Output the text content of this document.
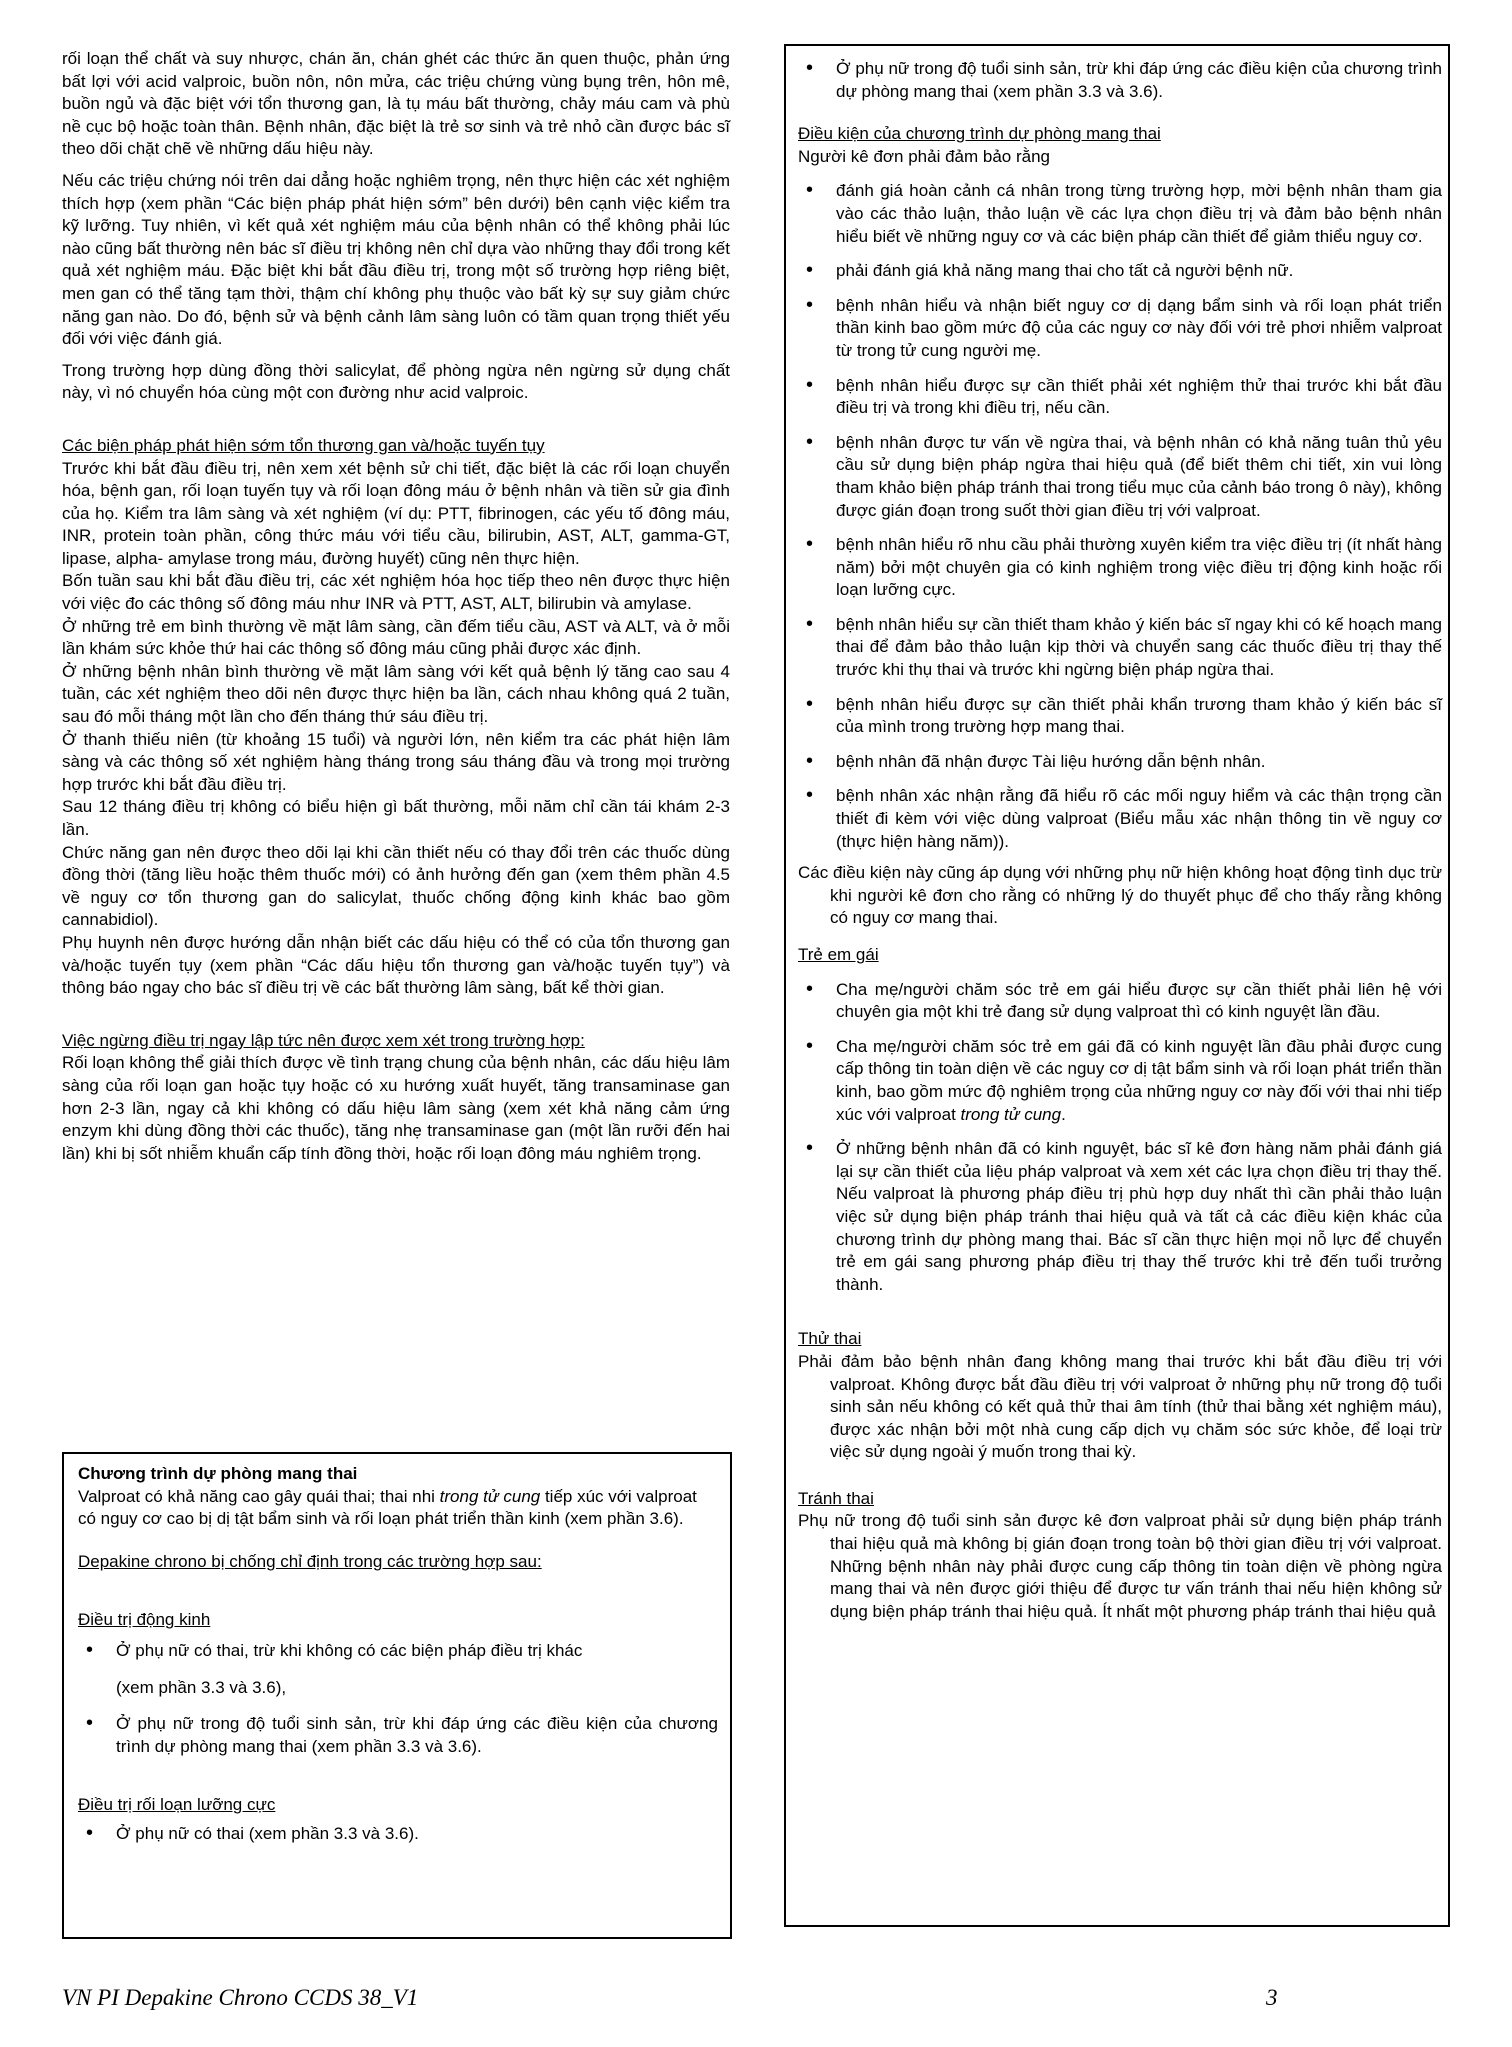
rối loạn thể chất và suy nhược, chán ăn, chán ghét các thức ăn quen thuộc, phản ứng bất lợi với acid valproic, buồn nôn, nôn mửa, các triệu chứng vùng bụng trên, hôn mê, buồn ngủ và đặc biệt với tổn thương gan, là tụ máu bất thường, chảy máu cam và phù nề cục bộ hoặc toàn thân. Bệnh nhân, đặc biệt là trẻ sơ sinh và trẻ nhỏ cần được bác sĩ theo dõi chặt chẽ về những dấu hiệu này.

Nếu các triệu chứng nói trên dai dẳng hoặc nghiêm trọng, nên thực hiện các xét nghiệm thích hợp (xem phần “Các biện pháp phát hiện sớm” bên dưới) bên cạnh việc kiểm tra kỹ lưỡng. Tuy nhiên, vì kết quả xét nghiệm máu của bệnh nhân có thể không phải lúc nào cũng bất thường nên bác sĩ điều trị không nên chỉ dựa vào những thay đổi trong kết quả xét nghiệm máu. Đặc biệt khi bắt đầu điều trị, trong một số trường hợp riêng biệt, men gan có thể tăng tạm thời, thậm chí không phụ thuộc vào bất kỳ sự suy giảm chức năng gan nào. Do đó, bệnh sử và bệnh cảnh lâm sàng luôn có tầm quan trọng thiết yếu đối với việc đánh giá.

Trong trường hợp dùng đồng thời salicylat, để phòng ngừa nên ngừng sử dụng chất này, vì nó chuyển hóa cùng một con đường như acid valproic.

Các biện pháp phát hiện sớm tổn thương gan và/hoặc tuyến tụy

Trước khi bắt đầu điều trị, nên xem xét bệnh sử chi tiết, đặc biệt là các rối loạn chuyển hóa, bệnh gan, rối loạn tuyến tụy và rối loạn đông máu ở bệnh nhân và tiền sử gia đình của họ. Kiểm tra lâm sàng và xét nghiệm (ví dụ: PTT, fibrinogen, các yếu tố đông máu, INR, protein toàn phần, công thức máu với tiểu cầu, bilirubin, AST, ALT, gamma-GT, lipase, alpha- amylase trong máu, đường huyết) cũng nên thực hiện.

Bốn tuần sau khi bắt đầu điều trị, các xét nghiệm hóa học tiếp theo nên được thực hiện với việc đo các thông số đông máu như INR và PTT, AST, ALT, bilirubin và amylase.

Ở những trẻ em bình thường về mặt lâm sàng, cần đếm tiểu cầu, AST và ALT, và ở mỗi lần khám sức khỏe thứ hai các thông số đông máu cũng phải được xác định.

Ở những bệnh nhân bình thường về mặt lâm sàng với kết quả bệnh lý tăng cao sau 4 tuần, các xét nghiệm theo dõi nên được thực hiện ba lần, cách nhau không quá 2 tuần, sau đó mỗi tháng một lần cho đến tháng thứ sáu điều trị.

Ở thanh thiếu niên (từ khoảng 15 tuổi) và người lớn, nên kiểm tra các phát hiện lâm sàng và các thông số xét nghiệm hàng tháng trong sáu tháng đầu và trong mọi trường hợp trước khi bắt đầu điều trị.

Sau 12 tháng điều trị không có biểu hiện gì bất thường, mỗi năm chỉ cần tái khám 2-3 lần.

Chức năng gan nên được theo dõi lại khi cần thiết nếu có thay đổi trên các thuốc dùng đồng thời (tăng liều hoặc thêm thuốc mới) có ảnh hưởng đến gan (xem thêm phần 4.5 về nguy cơ tổn thương gan do salicylat, thuốc chống động kinh khác bao gồm cannabidiol).

Phụ huynh nên được hướng dẫn nhận biết các dấu hiệu có thể có của tổn thương gan và/hoặc tuyến tụy (xem phần “Các dấu hiệu tổn thương gan và/hoặc tuyến tụy”) và thông báo ngay cho bác sĩ điều trị về các bất thường lâm sàng, bất kể thời gian.

Việc ngừng điều trị ngay lập tức nên được xem xét trong trường hợp:

Rối loạn không thể giải thích được về tình trạng chung của bệnh nhân, các dấu hiệu lâm sàng của rối loạn gan hoặc tụy hoặc có xu hướng xuất huyết, tăng transaminase gan hơn 2-3 lần, ngay cả khi không có dấu hiệu lâm sàng (xem xét khả năng cảm ứng enzym khi dùng đồng thời các thuốc), tăng nhẹ transaminase gan (một lần rưỡi đến hai lần) khi bị sốt nhiễm khuẩn cấp tính đồng thời, hoặc rối loạn đông máu nghiêm trọng.

Chương trình dự phòng mang thai

Valproat có khả năng cao gây quái thai; thai nhi trong tử cung tiếp xúc với valproat có nguy cơ cao bị dị tật bẩm sinh và rối loạn phát triển thần kinh (xem phần 3.6).

Depakine chrono bị chống chỉ định trong các trường hợp sau:

Điều trị động kinh

• Ở phụ nữ có thai, trừ khi không có các biện pháp điều trị khác
(xem phần 3.3 và 3.6),
• Ở phụ nữ trong độ tuổi sinh sản, trừ khi đáp ứng các điều kiện của chương trình dự phòng mang thai (xem phần 3.3 và 3.6).

Điều trị rối loạn lưỡng cực

• Ở phụ nữ có thai (xem phần 3.3 và 3.6).
• Ở phụ nữ trong độ tuổi sinh sản, trừ khi đáp ứng các điều kiện của chương trình dự phòng mang thai (xem phần 3.3 và 3.6).

Điều kiện của chương trình dự phòng mang thai

Người kê đơn phải đảm bảo rằng

• đánh giá hoàn cảnh cá nhân trong từng trường hợp, mời bệnh nhân tham gia vào các thảo luận, thảo luận về các lựa chọn điều trị và đảm bảo bệnh nhân hiểu biết về những nguy cơ và các biện pháp cần thiết để giảm thiểu nguy cơ.
• phải đánh giá khả năng mang thai cho tất cả người bệnh nữ.
• bệnh nhân hiểu và nhận biết nguy cơ dị dạng bẩm sinh và rối loạn phát triển thần kinh bao gồm mức độ của các nguy cơ này đối với trẻ phơi nhiễm valproat từ trong tử cung người mẹ.
• bệnh nhân hiểu được sự cần thiết phải xét nghiệm thử thai trước khi bắt đầu điều trị và trong khi điều trị, nếu cần.
• bệnh nhân được tư vấn về ngừa thai, và bệnh nhân có khả năng tuân thủ yêu cầu sử dụng biện pháp ngừa thai hiệu quả (để biết thêm chi tiết, xin vui lòng tham khảo biện pháp tránh thai trong tiểu mục của cảnh báo trong ô này), không được gián đoạn trong suốt thời gian điều trị với valproat.
• bệnh nhân hiểu rõ nhu cầu phải thường xuyên kiểm tra việc điều trị (ít nhất hàng năm) bởi một chuyên gia có kinh nghiệm trong việc điều trị động kinh hoặc rối loạn lưỡng cực.
• bệnh nhân hiểu sự cần thiết tham khảo ý kiến bác sĩ ngay khi có kế hoạch mang thai để đảm bảo thảo luận kịp thời và chuyển sang các thuốc điều trị thay thế trước khi thụ thai và trước khi ngừng biện pháp ngừa thai.
• bệnh nhân hiểu được sự cần thiết phải khẩn trương tham khảo ý kiến bác sĩ của mình trong trường hợp mang thai.
• bệnh nhân đã nhận được Tài liệu hướng dẫn bệnh nhân.
• bệnh nhân xác nhận rằng đã hiểu rõ các mối nguy hiểm và các thận trọng cần thiết đi kèm với việc dùng valproat (Biểu mẫu xác nhận thông tin về nguy cơ (thực hiện hàng năm)).

Các điều kiện này cũng áp dụng với những phụ nữ hiện không hoạt động tình dục trừ khi người kê đơn cho rằng có những lý do thuyết phục để cho thấy rằng không có nguy cơ mang thai.

Trẻ em gái

• Cha mẹ/người chăm sóc trẻ em gái hiểu được sự cần thiết phải liên hệ với chuyên gia một khi trẻ đang sử dụng valproat thì có kinh nguyệt lần đầu.
• Cha mẹ/người chăm sóc trẻ em gái đã có kinh nguyệt lần đầu phải được cung cấp thông tin toàn diện về các nguy cơ dị tật bẩm sinh và rối loạn phát triển thần kinh, bao gồm mức độ nghiêm trọng của những nguy cơ này đối với thai nhi tiếp xúc với valproat trong tử cung.
• Ở những bệnh nhân đã có kinh nguyệt, bác sĩ kê đơn hàng năm phải đánh giá lại sự cần thiết của liệu pháp valproat và xem xét các lựa chọn điều trị thay thế. Nếu valproat là phương pháp điều trị phù hợp duy nhất thì cần phải thảo luận việc sử dụng biện pháp tránh thai hiệu quả và tất cả các điều kiện khác của chương trình dự phòng mang thai. Bác sĩ cần thực hiện mọi nỗ lực để chuyển trẻ em gái sang phương pháp điều trị thay thế trước khi trẻ đến tuổi trưởng thành.

Thử thai

Phải đảm bảo bệnh nhân đang không mang thai trước khi bắt đầu điều trị với valproat. Không được bắt đầu điều trị với valproat ở những phụ nữ trong độ tuổi sinh sản nếu không có kết quả thử thai âm tính (thử thai bằng xét nghiệm máu), được xác nhận bởi một nhà cung cấp dịch vụ chăm sóc sức khỏe, để loại trừ việc sử dụng ngoài ý muốn trong thai kỳ.

Tránh thai

Phụ nữ trong độ tuổi sinh sản được kê đơn valproat phải sử dụng biện pháp tránh thai hiệu quả mà không bị gián đoạn trong toàn bộ thời gian điều trị với valproat. Những bệnh nhân này phải được cung cấp thông tin toàn diện về phòng ngừa mang thai và nên được giới thiệu để được tư vấn tránh thai nếu hiện không sử dụng biện pháp tránh thai hiệu quả. Ít nhất một phương pháp tránh thai hiệu quả

VN PI Depakine Chrono CCDS 38_V1	3
